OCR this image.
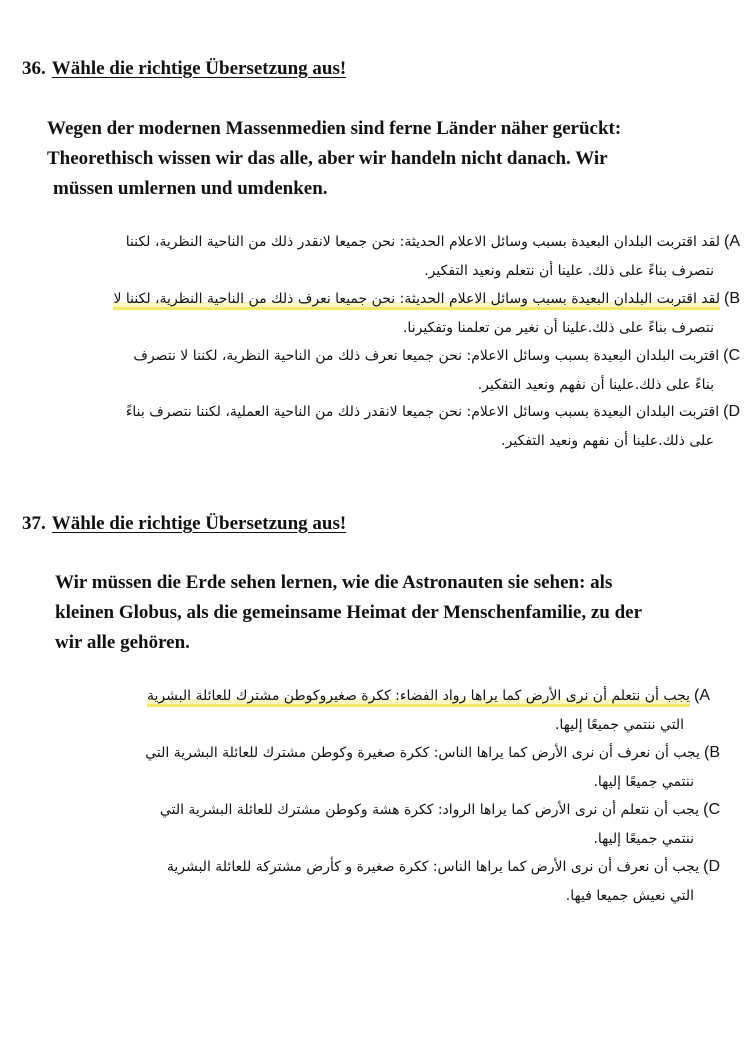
36. Wähle die richtige Übersetzung aus!
Wegen der modernen Massenmedien sind ferne Länder näher gerückt:
Theorethisch wissen wir das alle, aber wir handeln nicht danach. Wir
müssen umlernen und umdenken.
A)لقد اقتربت البلدان البعيدة بسبب وسائل الاعلام الحديثة: نحن جميعا لانقدر ذلك من الناحية النظرية، لكننا
نتصرف بناءً على ذلك. علينا أن نتعلم ونعيد التفكير.
B)لقد اقتربت البلدان البعيدة بسبب وسائل الاعلام الحديثة: نحن جميعا نعرف ذلك من الناحية النظرية، لكننا لا
نتصرف بناءً على ذلك.علينا أن نغير من تعلمنا وتفكيرنا.
C)اقتربت البلدان البعيدة بسبب وسائل الاعلام: نحن جميعا نعرف ذلك من الناحية النظرية، لكننا لا نتصرف
بناءً على ذلك.علينا أن نفهم ونعيد التفكير.
D)اقتربت البلدان البعيدة بسبب وسائل الاعلام: نحن جميعا لانقدر ذلك من الناحية العملية، لكننا نتصرف بناءً
على ذلك.علينا أن نفهم ونعيد التفكير.
37. Wähle die richtige Übersetzung aus!
Wir müssen die Erde sehen lernen, wie die Astronauten sie sehen: als
kleinen Globus, als die gemeinsame Heimat der Menschenfamilie, zu der
wir alle gehören.
A)يجب أن نتعلم أن نرى الأرض كما يراها رواد الفضاء: ككرة صغيروكوطن مشترك للعائلة البشرية
التي ننتمي جميعًا إليها.
B)يجب أن نعرف أن نرى الأرض كما يراها الناس: ككرة صغيرة وكوطن مشترك للعائلة البشرية التي
ننتمي جميعًا إليها.
C)يجب أن نتعلم أن نرى الأرض كما يراها الرواد: ككرة هشة وكوطن مشترك للعائلة البشرية التي
ننتمي جميعًا إليها.
D)يجب أن نعرف أن نرى الأرض كما يراها الناس: ككرة صغيرة و كأرض مشتركة للعائلة البشرية
التي نعيش جميعا فيها.
